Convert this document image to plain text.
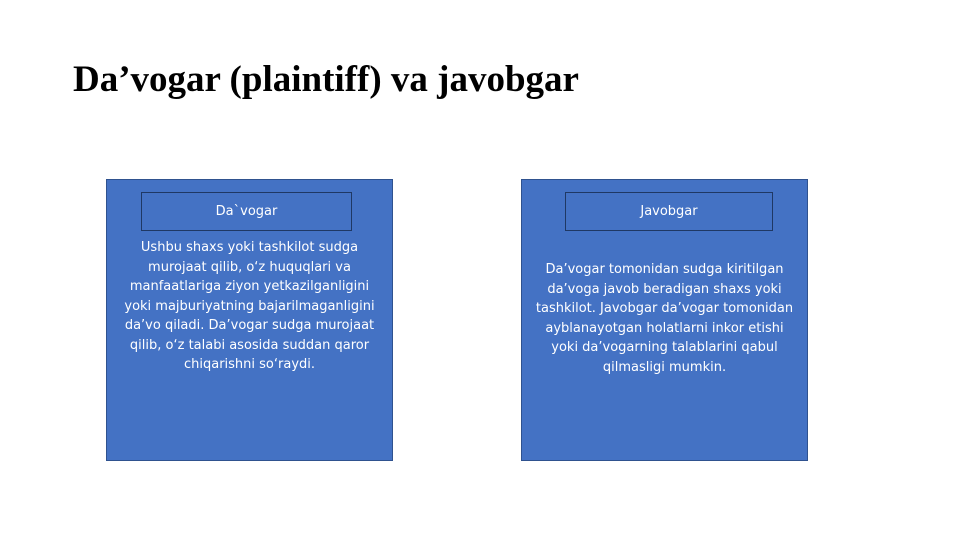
Da’vogar (plaintiff) va javobgar
Da`vogar
Ushbu shaxs yoki tashkilot sudga murojaat qilib, o‘z huquqlari va manfaatlariga ziyon yetkazilganligini yoki majburiyatning bajarilmaganligini da’vo qiladi. Da’vogar sudga murojaat qilib, o‘z talabi asosida suddan qaror chiqarishni so‘raydi.
Javobgar
Da’vogar tomonidan sudga kiritilgan da’voga javob beradigan shaxs yoki tashkilot. Javobgar da’vogar tomonidan ayblanayotgan holatlarni inkor etishi yoki da’vogarning talablarini qabul qilmasligi mumkin.
